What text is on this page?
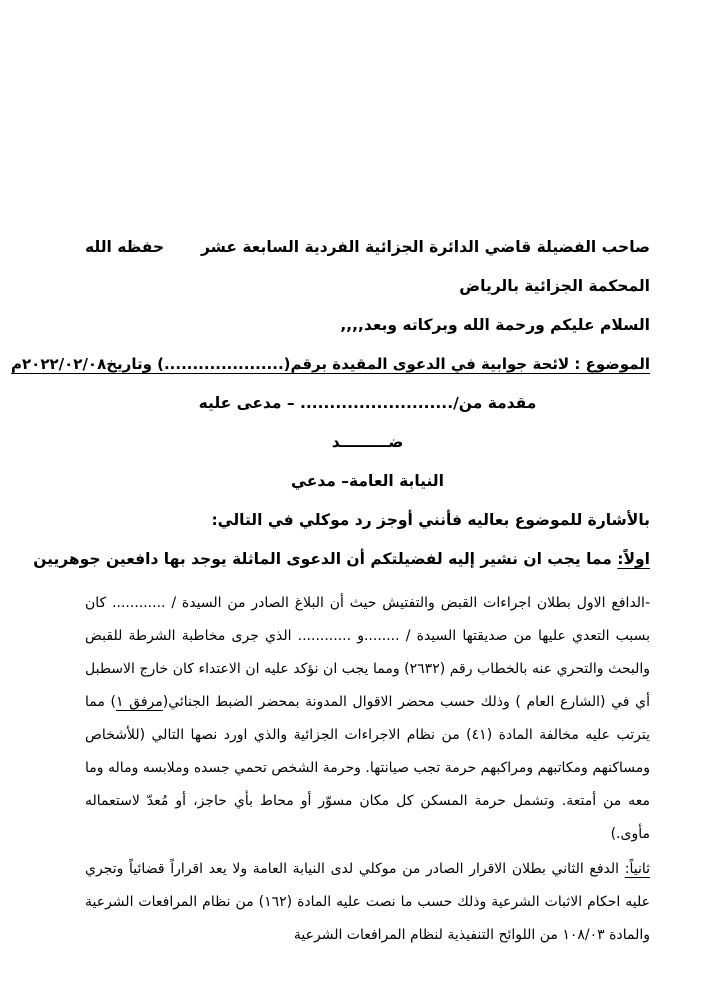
صاحب الفضيلة قاضي الدائرة الجزائية الفردية السابعة عشر
حفظه الله
المحكمة الجزائية بالرياض
السلام عليكم ورحمة الله وبركاته وبعد,,,,
الموضوع : لائحة جوابية في الدعوى المقيدة برقم(.....................) وتاريخ٢٠٢٢/٠٢/٠٨م
مقدمة من/.......................... – مدعى عليه
ضـــــــــد
النيابة العامة– مدعي
بالأشارة للموضوع بعاليه فأنني أوجز رد موكلي في التالي:
اولاً: مما يجب ان نشير إليه لفضيلتكم أن الدعوى الماثلة يوجد بها دافعين جوهريين

-الدافع الاول بطلان اجراءات القبض والتفتيش حيث أن البلاغ الصادر من السيدة / ............ كان بسبب التعدي عليها من صديقتها السيدة / ........و ............ الذي جرى مخاطبة الشرطة للقبض والبحث والتحري عنه بالخطاب رقم (٢٦٣٢) ومما يجب ان نؤكد عليه ان الاعتداء كان خارج الاسطبل أي في (الشارع العام ) وذلك حسب محضر الاقوال المدونة بمحضر الضبط الجنائي(مرفق ١) مما يترتب عليه مخالفة المادة (٤١) من نظام الاجراءات الجزائية والذي اورد نصها التالي (للأشخاص ومساكنهم ومكاتبهم ومراكبهم حرمة تجب صيانتها. وحرمة الشخص تحمي جسده وملابسه وماله وما معه من أمتعة. وتشمل حرمة المسكن كل مكان مسوّر أو محاط بأي حاجز، أو مُعدّ لاستعماله مأوى.)

ثانياً: الدفع الثاني بطلان الاقرار الصادر من موكلي لدى النيابة العامة ولا يعد اقراراً قضائياً وتجري عليه احكام الاثبات الشرعية وذلك حسب ما نصت عليه المادة (١٦٢) من نظام المرافعات الشرعية والمادة ١٠٨/٠٣ من اللوائح التنفيذية لنظام المرافعات الشرعية
